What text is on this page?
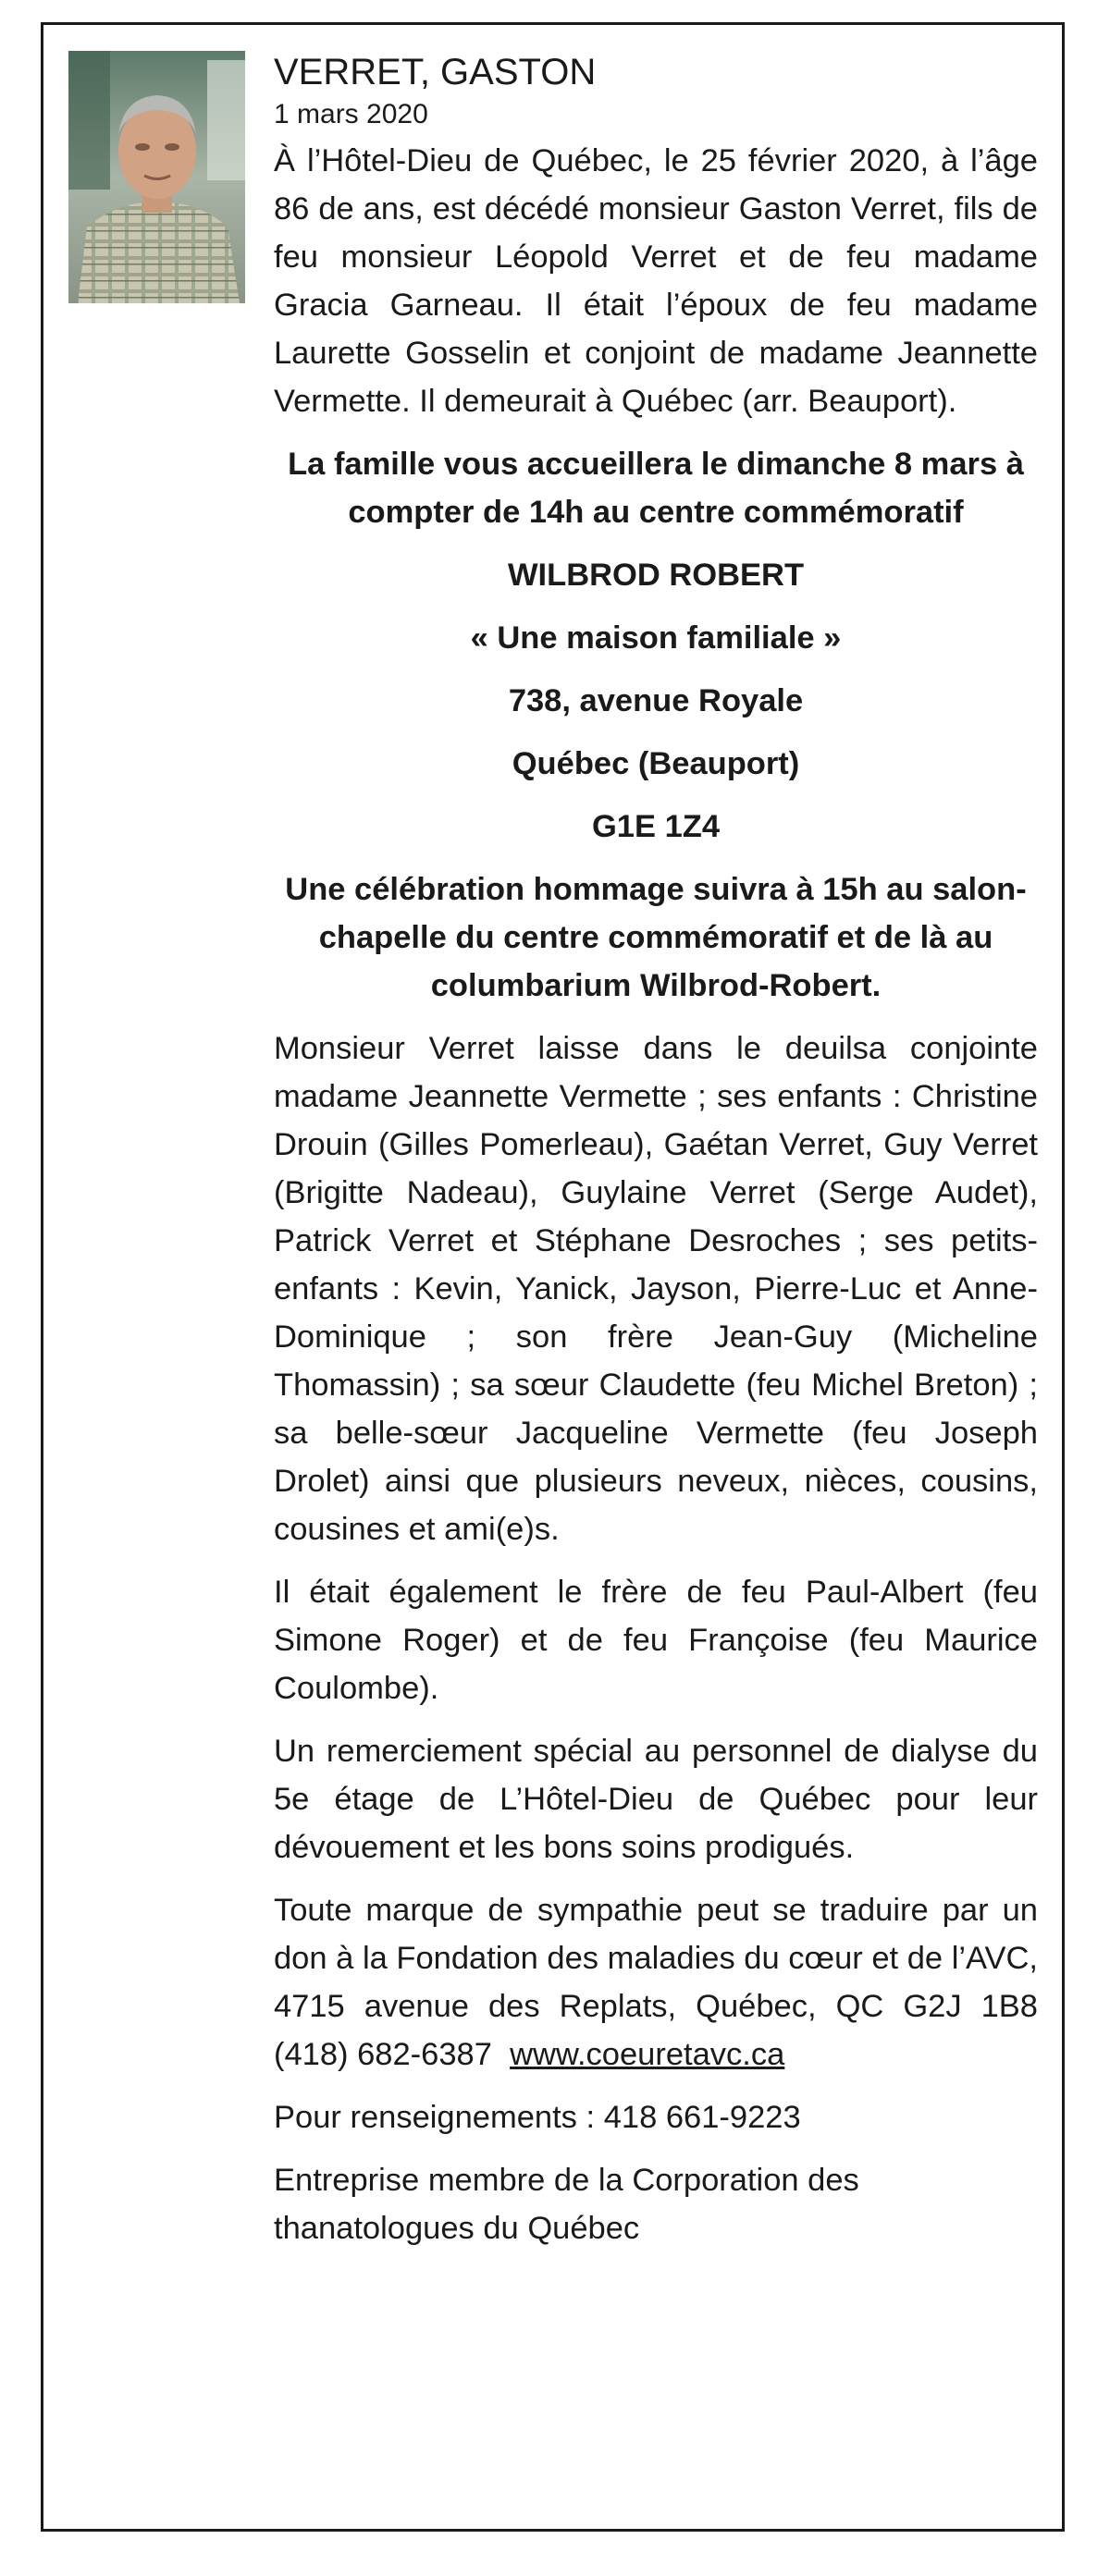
VERRET, GASTON
1 mars 2020

À l’Hôtel-Dieu de Québec, le 25 février 2020, à l’âge 86 de ans, est décédé monsieur Gaston Verret, fils de feu monsieur Léopold Verret et de feu madame Gracia Garneau. Il était l’époux de feu madame Laurette Gosselin et conjoint de madame Jeannette Vermette. Il demeurait à Québec (arr. Beauport).

La famille vous accueillera le dimanche 8 mars à compter de 14h au centre commémoratif

WILBROD ROBERT

« Une maison familiale »

738, avenue Royale

Québec (Beauport)

G1E 1Z4

Une célébration hommage suivra à 15h au salon-chapelle du centre commémoratif et de là au columbarium Wilbrod-Robert.

Monsieur Verret laisse dans le deuilsa conjointe madame Jeannette Vermette ; ses enfants : Christine Drouin (Gilles Pomerleau), Gaétan Verret, Guy Verret (Brigitte Nadeau), Guylaine Verret (Serge Audet), Patrick Verret et Stéphane Desroches ; ses petits-enfants : Kevin, Yanick, Jayson, Pierre-Luc et Anne-Dominique ; son frère Jean-Guy (Micheline Thomassin) ; sa sœur Claudette (feu Michel Breton) ; sa belle-sœur Jacqueline Vermette (feu Joseph Drolet) ainsi que plusieurs neveux, nièces, cousins, cousines et ami(e)s.

Il était également le frère de feu Paul-Albert (feu Simone Roger) et de feu Françoise (feu Maurice Coulombe).

Un remerciement spécial au personnel de dialyse du 5e étage de L’Hôtel-Dieu de Québec pour leur dévouement et les bons soins prodigués.

Toute marque de sympathie peut se traduire par un don à la Fondation des maladies du cœur et de l’AVC, 4715 avenue des Replats, Québec, QC G2J 1B8 (418) 682-6387 www.coeuretavc.ca

Pour renseignements : 418 661-9223

Entreprise membre de la Corporation des thanatologues du Québec
